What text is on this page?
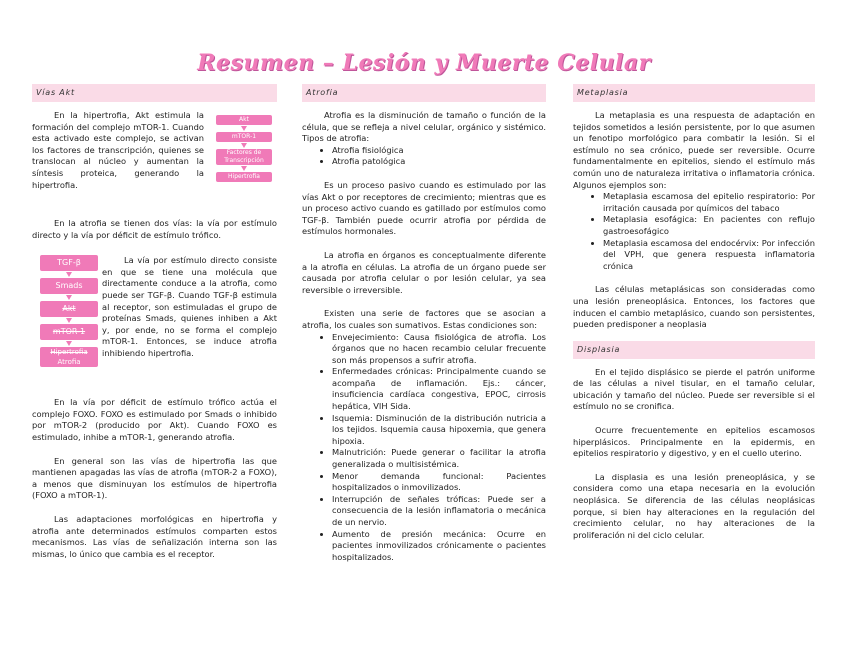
Resumen – Lesión y Muerte Celular
Vías Akt

En la hipertrofia, Akt estimula la formación del complejo mTOR-1. Cuando esta activado este complejo, se activan los factores de transcripción, quienes se translocan al núcleo y aumentan la síntesis proteica, generando la hipertrofia.

Akt
mTOR-1
Factores de Transcripción
Hipertrofia

En la atrofia se tienen dos vías: la vía por estímulo directo y la vía por déficit de estímulo trófico.

TGF-β
Smads
Akt
mTOR-1
Hipertrofia
Atrofia

La vía por estímulo directo consiste en que se tiene una molécula que directamente conduce a la atrofia, como puede ser TGF-β. Cuando TGF-β estimula al receptor, son estimuladas el grupo de proteínas Smads, quienes inhiben a Akt y, por ende, no se forma el complejo mTOR-1. Entonces, se induce atrofia inhibiendo hipertrofia.

En la vía por déficit de estímulo trófico actúa el complejo FOXO. FOXO es estimulado por Smads o inhibido por mTOR-2 (producido por Akt). Cuando FOXO es estimulado, inhibe a mTOR-1, generando atrofia.

En general son las vías de hipertrofia las que mantienen apagadas las vías de atrofia (mTOR-2 a FOXO), a menos que disminuyan los estímulos de hipertrofia (FOXO a mTOR-1).

Las adaptaciones morfológicas en hipertrofia y atrofia ante determinados estímulos comparten estos mecanismos. Las vías de señalización interna son las mismas, lo único que cambia es el receptor.

Atrofia

Atrofia es la disminución de tamaño o función de la célula, que se refleja a nivel celular, orgánico y sistémico. Tipos de atrofia:

• Atrofia fisiológica
• Atrofia patológica

Es un proceso pasivo cuando es estimulado por las vías Akt o por receptores de crecimiento; mientras que es un proceso activo cuando es gatillado por estímulos como TGF-β. También puede ocurrir atrofia por pérdida de estímulos hormonales.

La atrofia en órganos es conceptualmente diferente a la atrofia en células. La atrofia de un órgano puede ser causada por atrofia celular o por lesión celular, ya sea reversible o irreversible.

Existen una serie de factores que se asocian a atrofia, los cuales son sumativos. Estas condiciones son:

• Envejecimiento: Causa fisiológica de atrofia. Los órganos que no hacen recambio celular frecuente son más propensos a sufrir atrofia.
• Enfermedades crónicas: Principalmente cuando se acompaña de inflamación. Ejs.: cáncer, insuficiencia cardíaca congestiva, EPOC, cirrosis hepática, VIH Sida.
• Isquemia: Disminución de la distribución nutricia a los tejidos. Isquemia causa hipoxemia, que genera hipoxia.
• Malnutrición: Puede generar o facilitar la atrofia generalizada o multisistémica.
• Menor demanda funcional: Pacientes hospitalizados o inmovilizados.
• Interrupción de señales tróficas: Puede ser a consecuencia de la lesión inflamatoria o mecánica de un nervio.
• Aumento de presión mecánica: Ocurre en pacientes inmovilizados crónicamente o pacientes hospitalizados.
Metaplasia

La metaplasia es una respuesta de adaptación en tejidos sometidos a lesión persistente, por lo que asumen un fenotipo morfológico para combatir la lesión. Si el estímulo no sea crónico, puede ser reversible. Ocurre fundamentalmente en epitelios, siendo el estímulo más común uno de naturaleza irritativa o inflamatoria crónica. Algunos ejemplos son:

• Metaplasia escamosa del epitelio respiratorio: Por irritación causada por químicos del tabaco
• Metaplasia esofágica: En pacientes con reflujo gastroesofágico
• Metaplasia escamosa del endocérvix: Por infección del VPH, que genera respuesta inflamatoria crónica

Las células metaplásicas son consideradas como una lesión preneoplásica. Entonces, los factores que inducen el cambio metaplásico, cuando son persistentes, pueden predisponer a neoplasia

Displasia

En el tejido displásico se pierde el patrón uniforme de las células a nivel tisular, en el tamaño celular, ubicación y tamaño del núcleo. Puede ser reversible si el estímulo no se cronifica.

Ocurre frecuentemente en epitelios escamosos hiperplásicos. Principalmente en la epidermis, en epitelios respiratorio y digestivo, y en el cuello uterino.

La displasia es una lesión preneoplásica, y se considera como una etapa necesaria en la evolución neoplásica. Se diferencia de las células neoplásicas porque, si bien hay alteraciones en la regulación del crecimiento celular, no hay alteraciones de la proliferación ni del ciclo celular.
